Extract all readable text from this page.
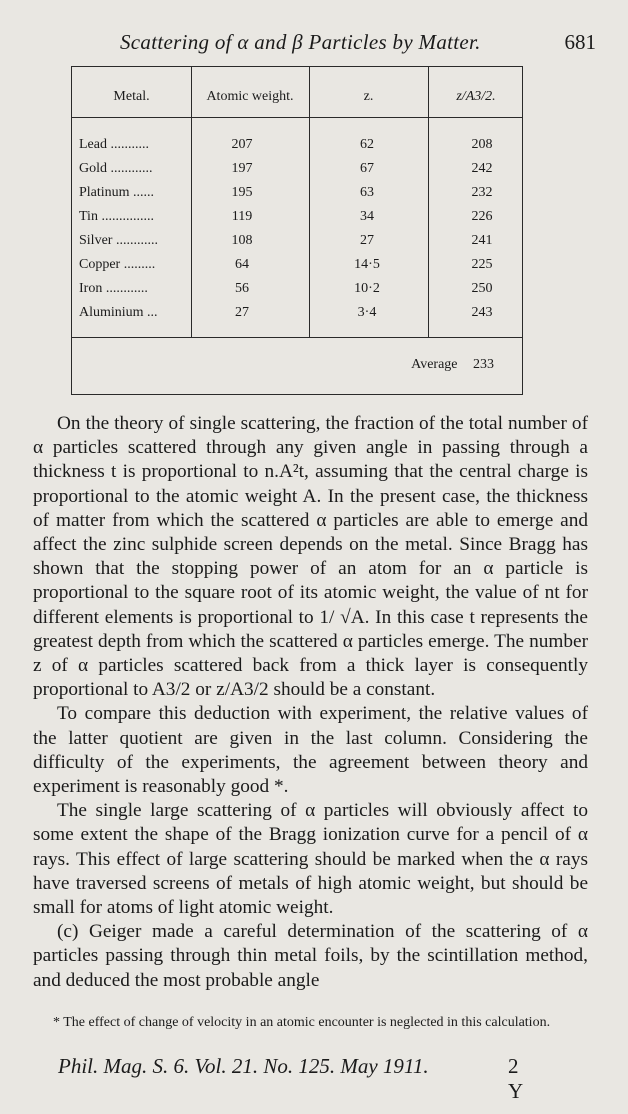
Scattering of α and β Particles by Matter.	681
Metal.	Atomic weight.	z.	z/A3/2.
Lead ...........	207	62	208
Gold ............	197	67	242
Platinum ......	195	63	232
Tin ...............	119	34	226
Silver ............	108	27	241
Copper .........	64	14·5	225
Iron ............	56	10·2	250
Aluminium ...	27	3·4	243
Average 233

On the theory of single scattering, the fraction of the total number of α particles scattered through any given angle in passing through a thickness t is proportional to n.A²t, assuming that the central charge is proportional to the atomic weight A. In the present case, the thickness of matter from which the scattered α particles are able to emerge and affect the zinc sulphide screen depends on the metal. Since Bragg has shown that the stopping power of an atom for an α particle is proportional to the square root of its atomic weight, the value of nt for different elements is proportional to 1/ √A. In this case t represents the greatest depth from which the scattered α particles emerge. The number z of α particles scattered back from a thick layer is consequently proportional to A3/2 or z/A3/2 should be a constant.

To compare this deduction with experiment, the relative values of the latter quotient are given in the last column. Considering the difficulty of the experiments, the agreement between theory and experiment is reasonably good *.

The single large scattering of α particles will obviously affect to some extent the shape of the Bragg ionization curve for a pencil of α rays. This effect of large scattering should be marked when the α rays have traversed screens of metals of high atomic weight, but should be small for atoms of light atomic weight.

(c) Geiger made a careful determination of the scattering of α particles passing through thin metal foils, by the scintillation method, and deduced the most probable angle

* The effect of change of velocity in an atomic encounter is neglected in this calculation.

Phil. Mag. S. 6. Vol. 21. No. 125. May 1911.	2 Y
